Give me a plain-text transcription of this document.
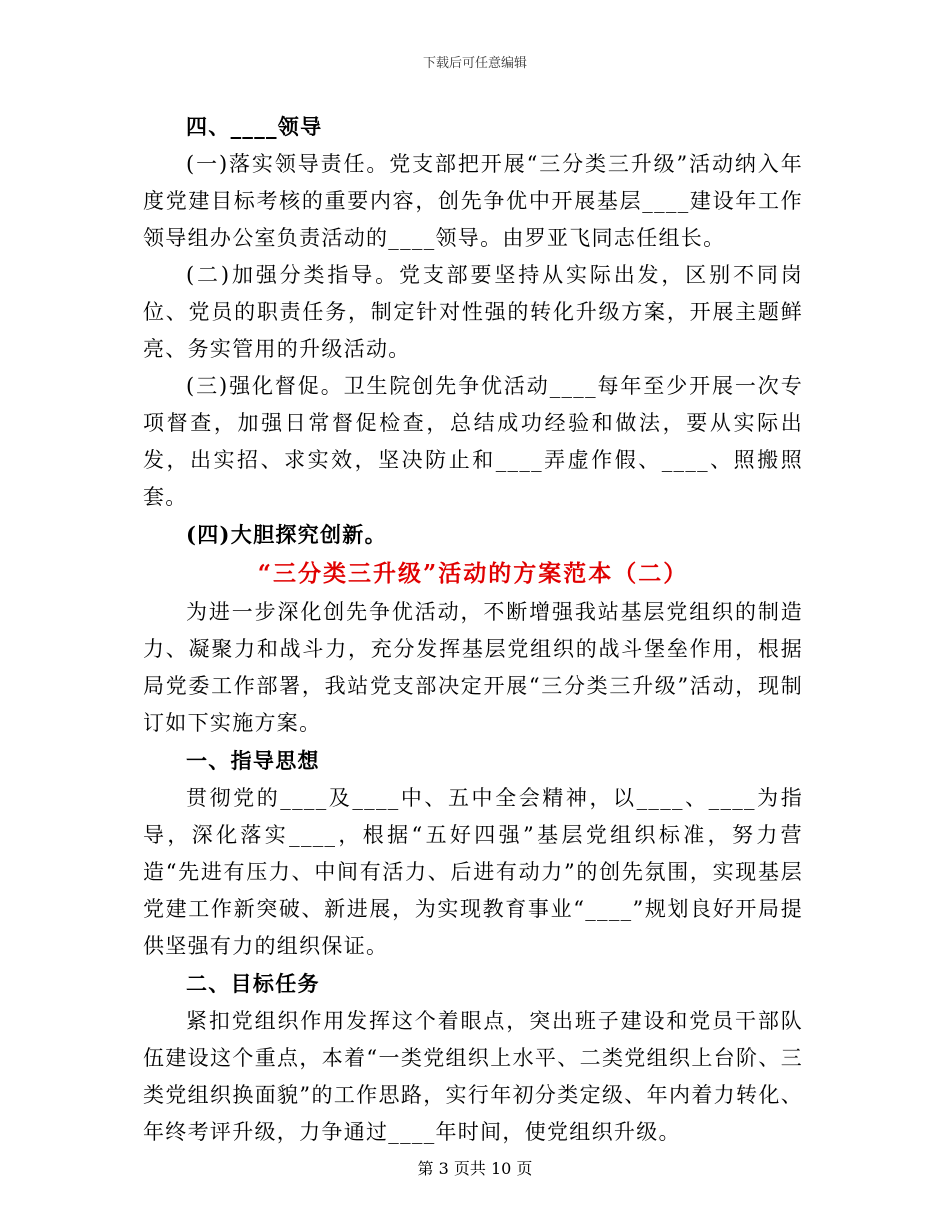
下载后可任意编辑

四、____领导

(一)落实领导责任。党支部把开展“三分类三升级”活动纳入年度党建目标考核的重要内容，创先争优中开展基层____建设年工作领导组办公室负责活动的____领导。由罗亚飞同志任组长。

(二)加强分类指导。党支部要坚持从实际出发，区别不同岗位、党员的职责任务，制定针对性强的转化升级方案，开展主题鲜亮、务实管用的升级活动。

(三)强化督促。卫生院创先争优活动____每年至少开展一次专项督查，加强日常督促检查，总结成功经验和做法，要从实际出发，出实招、求实效，坚决防止和____弄虚作假、____、照搬照套。

(四)大胆探究创新。

“三分类三升级”活动的方案范本（二）

为进一步深化创先争优活动，不断增强我站基层党组织的制造力、凝聚力和战斗力，充分发挥基层党组织的战斗堡垒作用，根据局党委工作部署，我站党支部决定开展“三分类三升级”活动，现制订如下实施方案。

一、指导思想

贯彻党的____及____中、五中全会精神，以____、____为指导，深化落实____，根据“五好四强”基层党组织标准，努力营造“先进有压力、中间有活力、后进有动力”的创先氛围，实现基层党建工作新突破、新进展，为实现教育事业“____”规划良好开局提供坚强有力的组织保证。

二、目标任务

紧扣党组织作用发挥这个着眼点，突出班子建设和党员干部队伍建设这个重点，本着“一类党组织上水平、二类党组织上台阶、三类党组织换面貌”的工作思路，实行年初分类定级、年内着力转化、年终考评升级，力争通过____年时间，使党组织升级。

第 3 页共 10 页
